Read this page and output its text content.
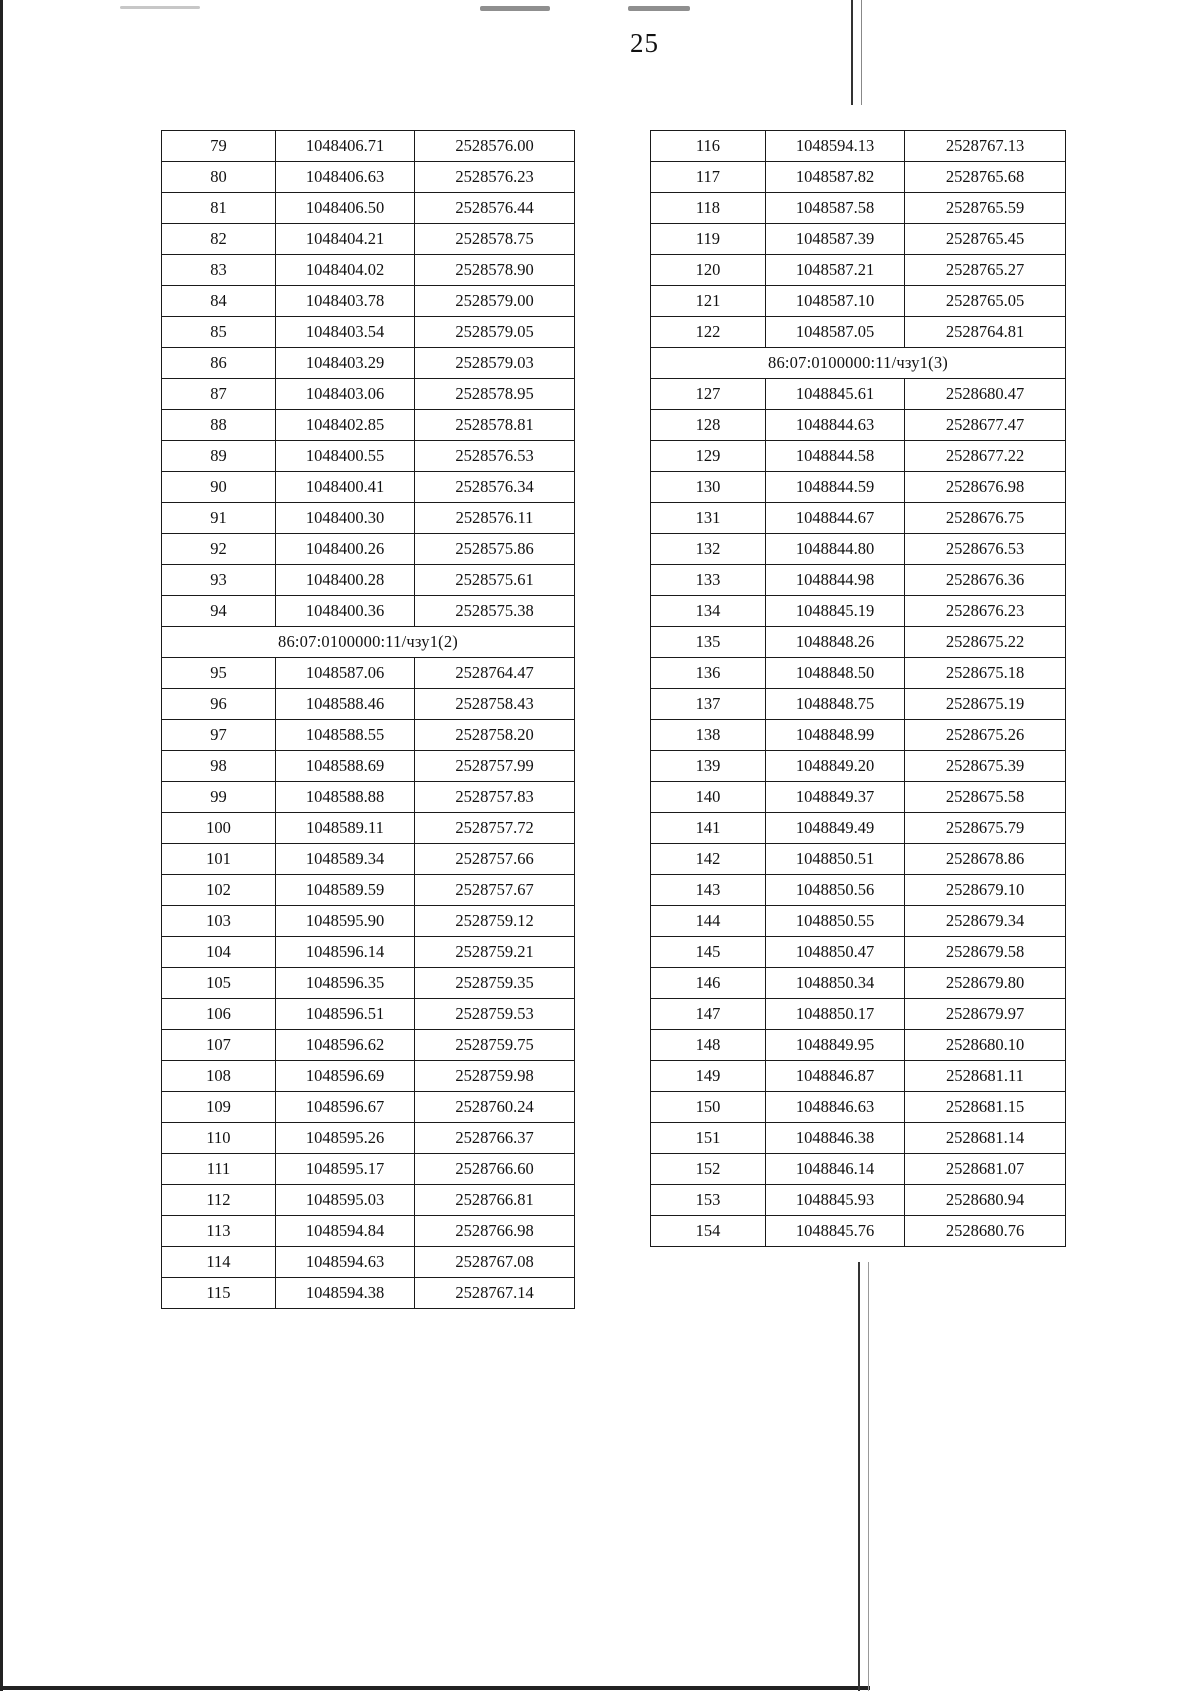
25
79	1048406.71	2528576.00
80	1048406.63	2528576.23
81	1048406.50	2528576.44
82	1048404.21	2528578.75
83	1048404.02	2528578.90
84	1048403.78	2528579.00
85	1048403.54	2528579.05
86	1048403.29	2528579.03
87	1048403.06	2528578.95
88	1048402.85	2528578.81
89	1048400.55	2528576.53
90	1048400.41	2528576.34
91	1048400.30	2528576.11
92	1048400.26	2528575.86
93	1048400.28	2528575.61
94	1048400.36	2528575.38
86:07:0100000:11/чзу1(2)		
95	1048587.06	2528764.47
96	1048588.46	2528758.43
97	1048588.55	2528758.20
98	1048588.69	2528757.99
99	1048588.88	2528757.83
100	1048589.11	2528757.72
101	1048589.34	2528757.66
102	1048589.59	2528757.67
103	1048595.90	2528759.12
104	1048596.14	2528759.21
105	1048596.35	2528759.35
106	1048596.51	2528759.53
107	1048596.62	2528759.75
108	1048596.69	2528759.98
109	1048596.67	2528760.24
110	1048595.26	2528766.37
111	1048595.17	2528766.60
112	1048595.03	2528766.81
113	1048594.84	2528766.98
114	1048594.63	2528767.08
115	1048594.38	2528767.14
116	1048594.13	2528767.13
117	1048587.82	2528765.68
118	1048587.58	2528765.59
119	1048587.39	2528765.45
120	1048587.21	2528765.27
121	1048587.10	2528765.05
122	1048587.05	2528764.81
86:07:0100000:11/чзу1(3)		
127	1048845.61	2528680.47
128	1048844.63	2528677.47
129	1048844.58	2528677.22
130	1048844.59	2528676.98
131	1048844.67	2528676.75
132	1048844.80	2528676.53
133	1048844.98	2528676.36
134	1048845.19	2528676.23
135	1048848.26	2528675.22
136	1048848.50	2528675.18
137	1048848.75	2528675.19
138	1048848.99	2528675.26
139	1048849.20	2528675.39
140	1048849.37	2528675.58
141	1048849.49	2528675.79
142	1048850.51	2528678.86
143	1048850.56	2528679.10
144	1048850.55	2528679.34
145	1048850.47	2528679.58
146	1048850.34	2528679.80
147	1048850.17	2528679.97
148	1048849.95	2528680.10
149	1048846.87	2528681.11
150	1048846.63	2528681.15
151	1048846.38	2528681.14
152	1048846.14	2528681.07
153	1048845.93	2528680.94
154	1048845.76	2528680.76
